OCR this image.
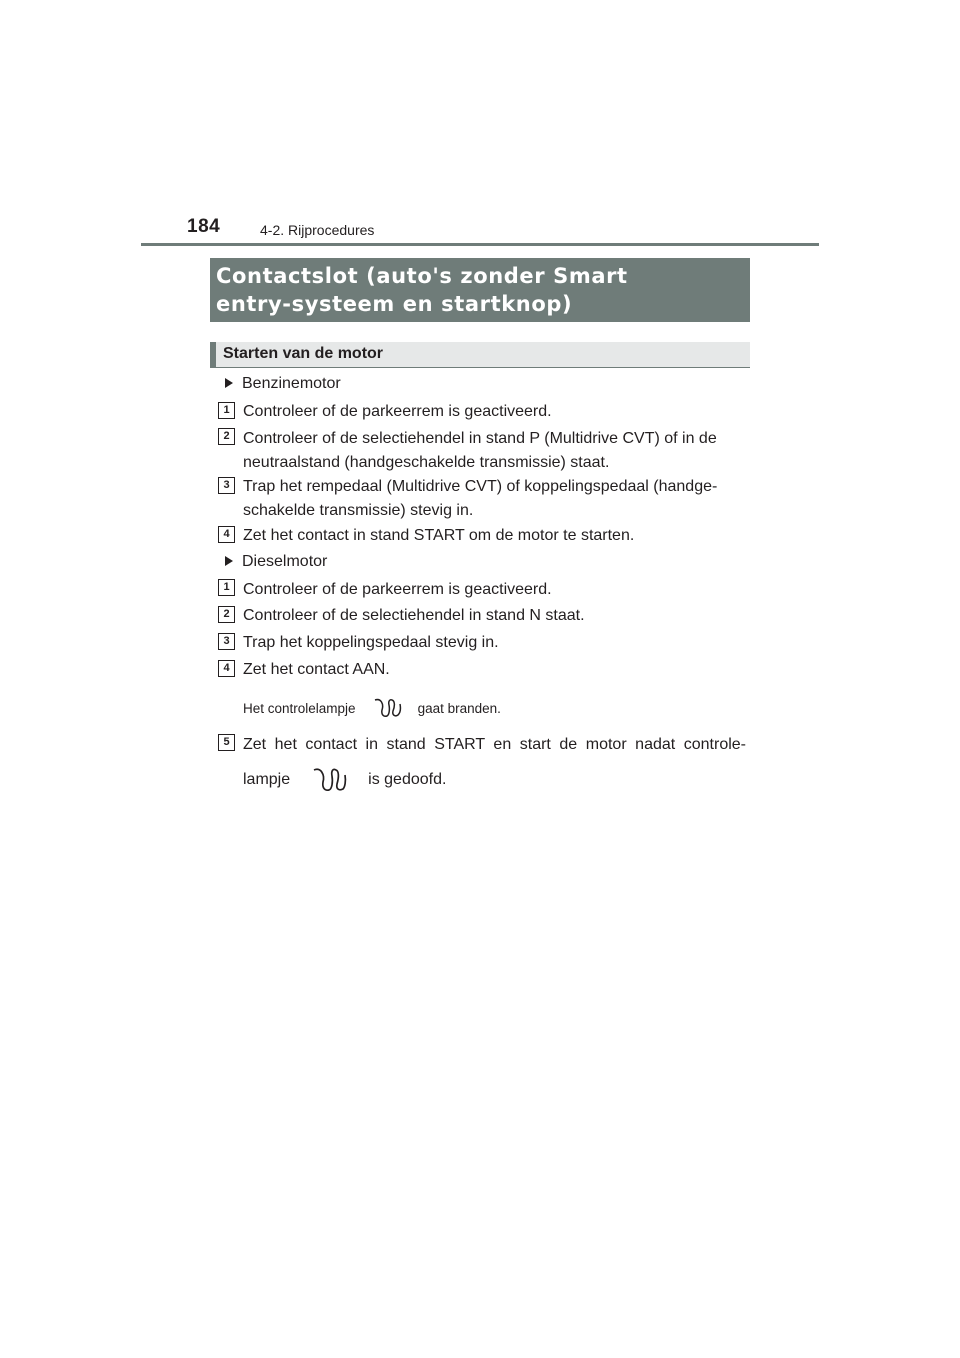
184	4-2. Rijprocedures
Contactslot (auto's zonder Smart
entry-systeem en startknop)
Starten van de motor
Benzinemotor
1 Controleer of de parkeerrem is geactiveerd.
2 Controleer of de selectiehendel in stand P (Multidrive CVT) of in de
neutraalstand (handgeschakelde transmissie) staat.
3 Trap het rempedaal (Multidrive CVT) of koppelingspedaal (handge-
schakelde transmissie) stevig in.
4 Zet het contact in stand START om de motor te starten.
Dieselmotor
1 Controleer of de parkeerrem is geactiveerd.
2 Controleer of de selectiehendel in stand N staat.
3 Trap het koppelingspedaal stevig in.
4 Zet het contact AAN.
Het controlelampje	gaat branden.
5 Zet het contact in stand START en start de motor nadat controle-
lampje	is gedoofd.
